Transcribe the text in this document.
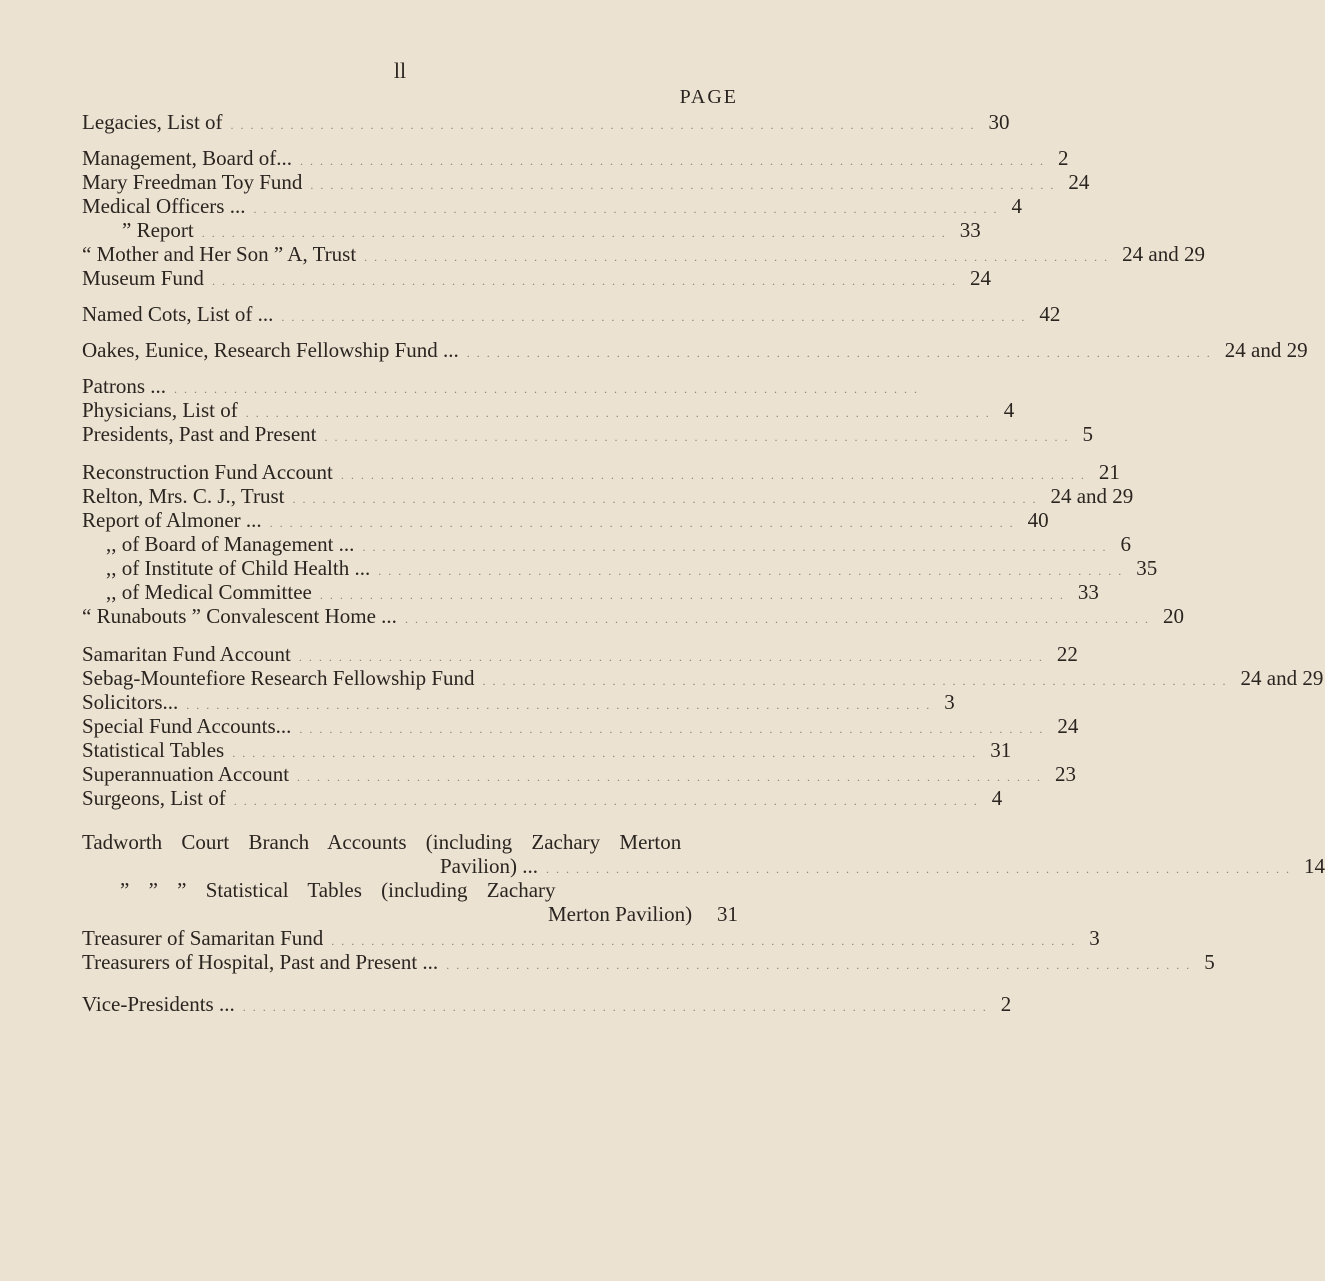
ll
PAGE
Legacies, List of ........................................................................... 30
Management, Board of... ........................................................................... 2
Mary Freedman Toy Fund ........................................................................... 24
Medical Officers ... ........................................................................... 4
” Report ........................................................................... 33
“ Mother and Her Son ” A, Trust ........................................................................... 24 and 29
Museum Fund ........................................................................... 24
Named Cots, List of ... ........................................................................... 42
Oakes, Eunice, Research Fellowship Fund ... ........................................................................... 24 and 29
Patrons ... ...........................................................................
Physicians, List of ........................................................................... 4
Presidents, Past and Present ........................................................................... 5
Reconstruction Fund Account ........................................................................... 21
Relton, Mrs. C. J., Trust ........................................................................... 24 and 29
Report of Almoner ... ........................................................................... 40
,, of Board of Management ... ........................................................................... 6
,, of Institute of Child Health ... ........................................................................... 35
,, of Medical Committee ........................................................................... 33
“ Runabouts ” Convalescent Home ... ........................................................................... 20
Samaritan Fund Account ........................................................................... 22
Sebag-Mountefiore Research Fellowship Fund ........................................................................... 24 and 29
Solicitors... ........................................................................... 3
Special Fund Accounts... ........................................................................... 24
Statistical Tables ........................................................................... 31
Superannuation Account ........................................................................... 23
Surgeons, List of ........................................................................... 4
Tadworth Court Branch Accounts (including Zachary Merton
Pavilion) ... ........................................................................... 14
” ” ” Statistical Tables (including Zachary
Merton Pavilion) 31
Treasurer of Samaritan Fund ........................................................................... 3
Treasurers of Hospital, Past and Present ... ........................................................................... 5
Vice-Presidents ... ........................................................................... 2
